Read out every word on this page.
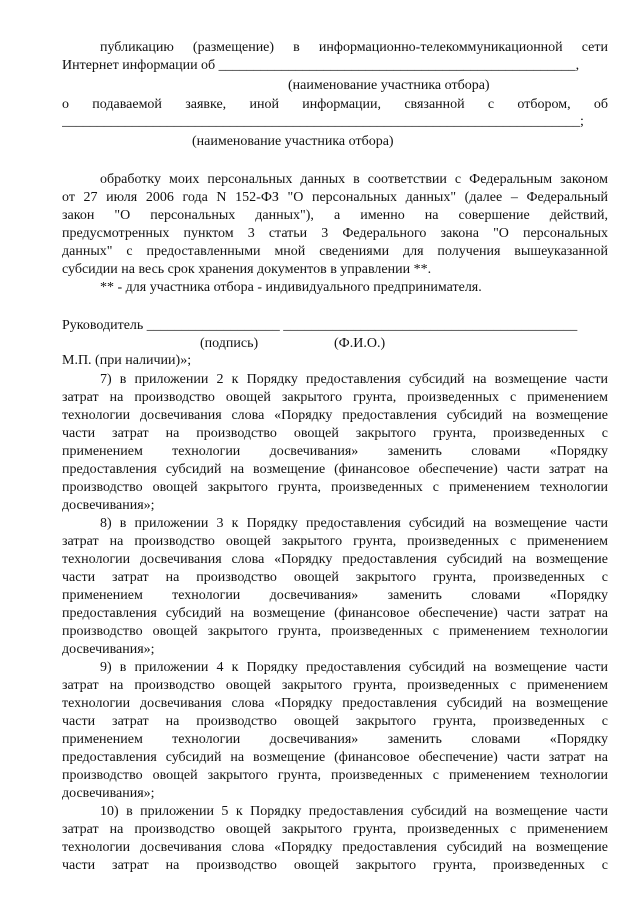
публикацию (размещение) в информационно-телекоммуникационной сети
Интернет информации об ___________________________________________________,
(наименование участника отбора)
о подаваемой заявке, иной информации, связанной с отбором, об
__________________________________________________________________________;
(наименование участника отбора)
обработку моих персональных данных в соответствии с Федеральным законом
от 27 июля 2006 года N 152-ФЗ "О персональных данных" (далее – Федеральный
закон "О персональных данных"), а именно на совершение действий,
предусмотренных пунктом 3 статьи 3 Федерального закона "О персональных
данных" с предоставленными мной сведениями для получения вышеуказанной
субсидии на весь срок хранения документов в управлении **.
** - для участника отбора - индивидуального предпринимателя.
Руководитель ___________________ __________________________________________
(подпись)	(Ф.И.О.)
М.П. (при наличии)»;
7) в приложении 2 к Порядку предоставления субсидий на возмещение части
затрат на производство овощей закрытого грунта, произведенных с применением
технологии досвечивания слова «Порядку предоставления субсидий на возмещение
части затрат на производство овощей закрытого грунта, произведенных с
применением технологии досвечивания» заменить словами «Порядку
предоставления субсидий на возмещение (финансовое обеспечение) части затрат на
производство овощей закрытого грунта, произведенных с применением технологии
досвечивания»;
8) в приложении 3 к Порядку предоставления субсидий на возмещение части
затрат на производство овощей закрытого грунта, произведенных с применением
технологии досвечивания слова «Порядку предоставления субсидий на возмещение
части затрат на производство овощей закрытого грунта, произведенных с
применением технологии досвечивания» заменить словами «Порядку
предоставления субсидий на возмещение (финансовое обеспечение) части затрат на
производство овощей закрытого грунта, произведенных с применением технологии
досвечивания»;
9) в приложении 4 к Порядку предоставления субсидий на возмещение части
затрат на производство овощей закрытого грунта, произведенных с применением
технологии досвечивания слова «Порядку предоставления субсидий на возмещение
части затрат на производство овощей закрытого грунта, произведенных с
применением технологии досвечивания» заменить словами «Порядку
предоставления субсидий на возмещение (финансовое обеспечение) части затрат на
производство овощей закрытого грунта, произведенных с применением технологии
досвечивания»;
10) в приложении 5 к Порядку предоставления субсидий на возмещение части
затрат на производство овощей закрытого грунта, произведенных с применением
технологии досвечивания слова «Порядку предоставления субсидий на возмещение
части затрат на производство овощей закрытого грунта, произведенных с
